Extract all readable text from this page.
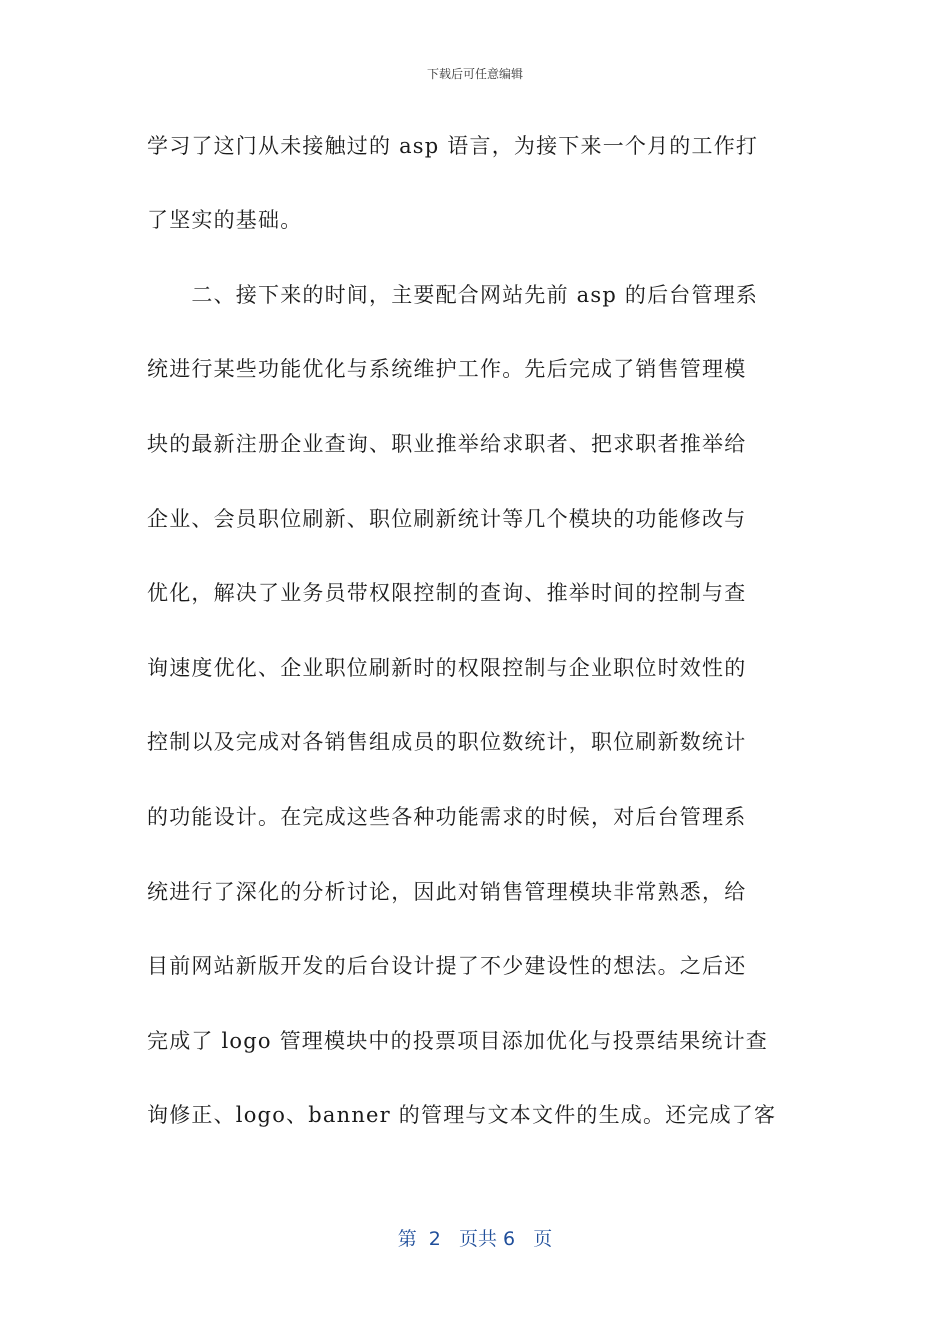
下载后可任意编辑
学习了这门从未接触过的 asp 语言，为接下来一个月的工作打
了坚实的基础。
　　二、接下来的时间，主要配合网站先前 asp 的后台管理系
统进行某些功能优化与系统维护工作。先后完成了销售管理模
块的最新注册企业查询、职业推举给求职者、把求职者推举给
企业、会员职位刷新、职位刷新统计等几个模块的功能修改与
优化，解决了业务员带权限控制的查询、推举时间的控制与查
询速度优化、企业职位刷新时的权限控制与企业职位时效性的
控制以及完成对各销售组成员的职位数统计，职位刷新数统计
的功能设计。在完成这些各种功能需求的时候，对后台管理系
统进行了深化的分析讨论，因此对销售管理模块非常熟悉，给
目前网站新版开发的后台设计提了不少建设性的想法。之后还
完成了 logo 管理模块中的投票项目添加优化与投票结果统计查
询修正、logo、banner 的管理与文本文件的生成。还完成了客
第  2   页共 6   页
